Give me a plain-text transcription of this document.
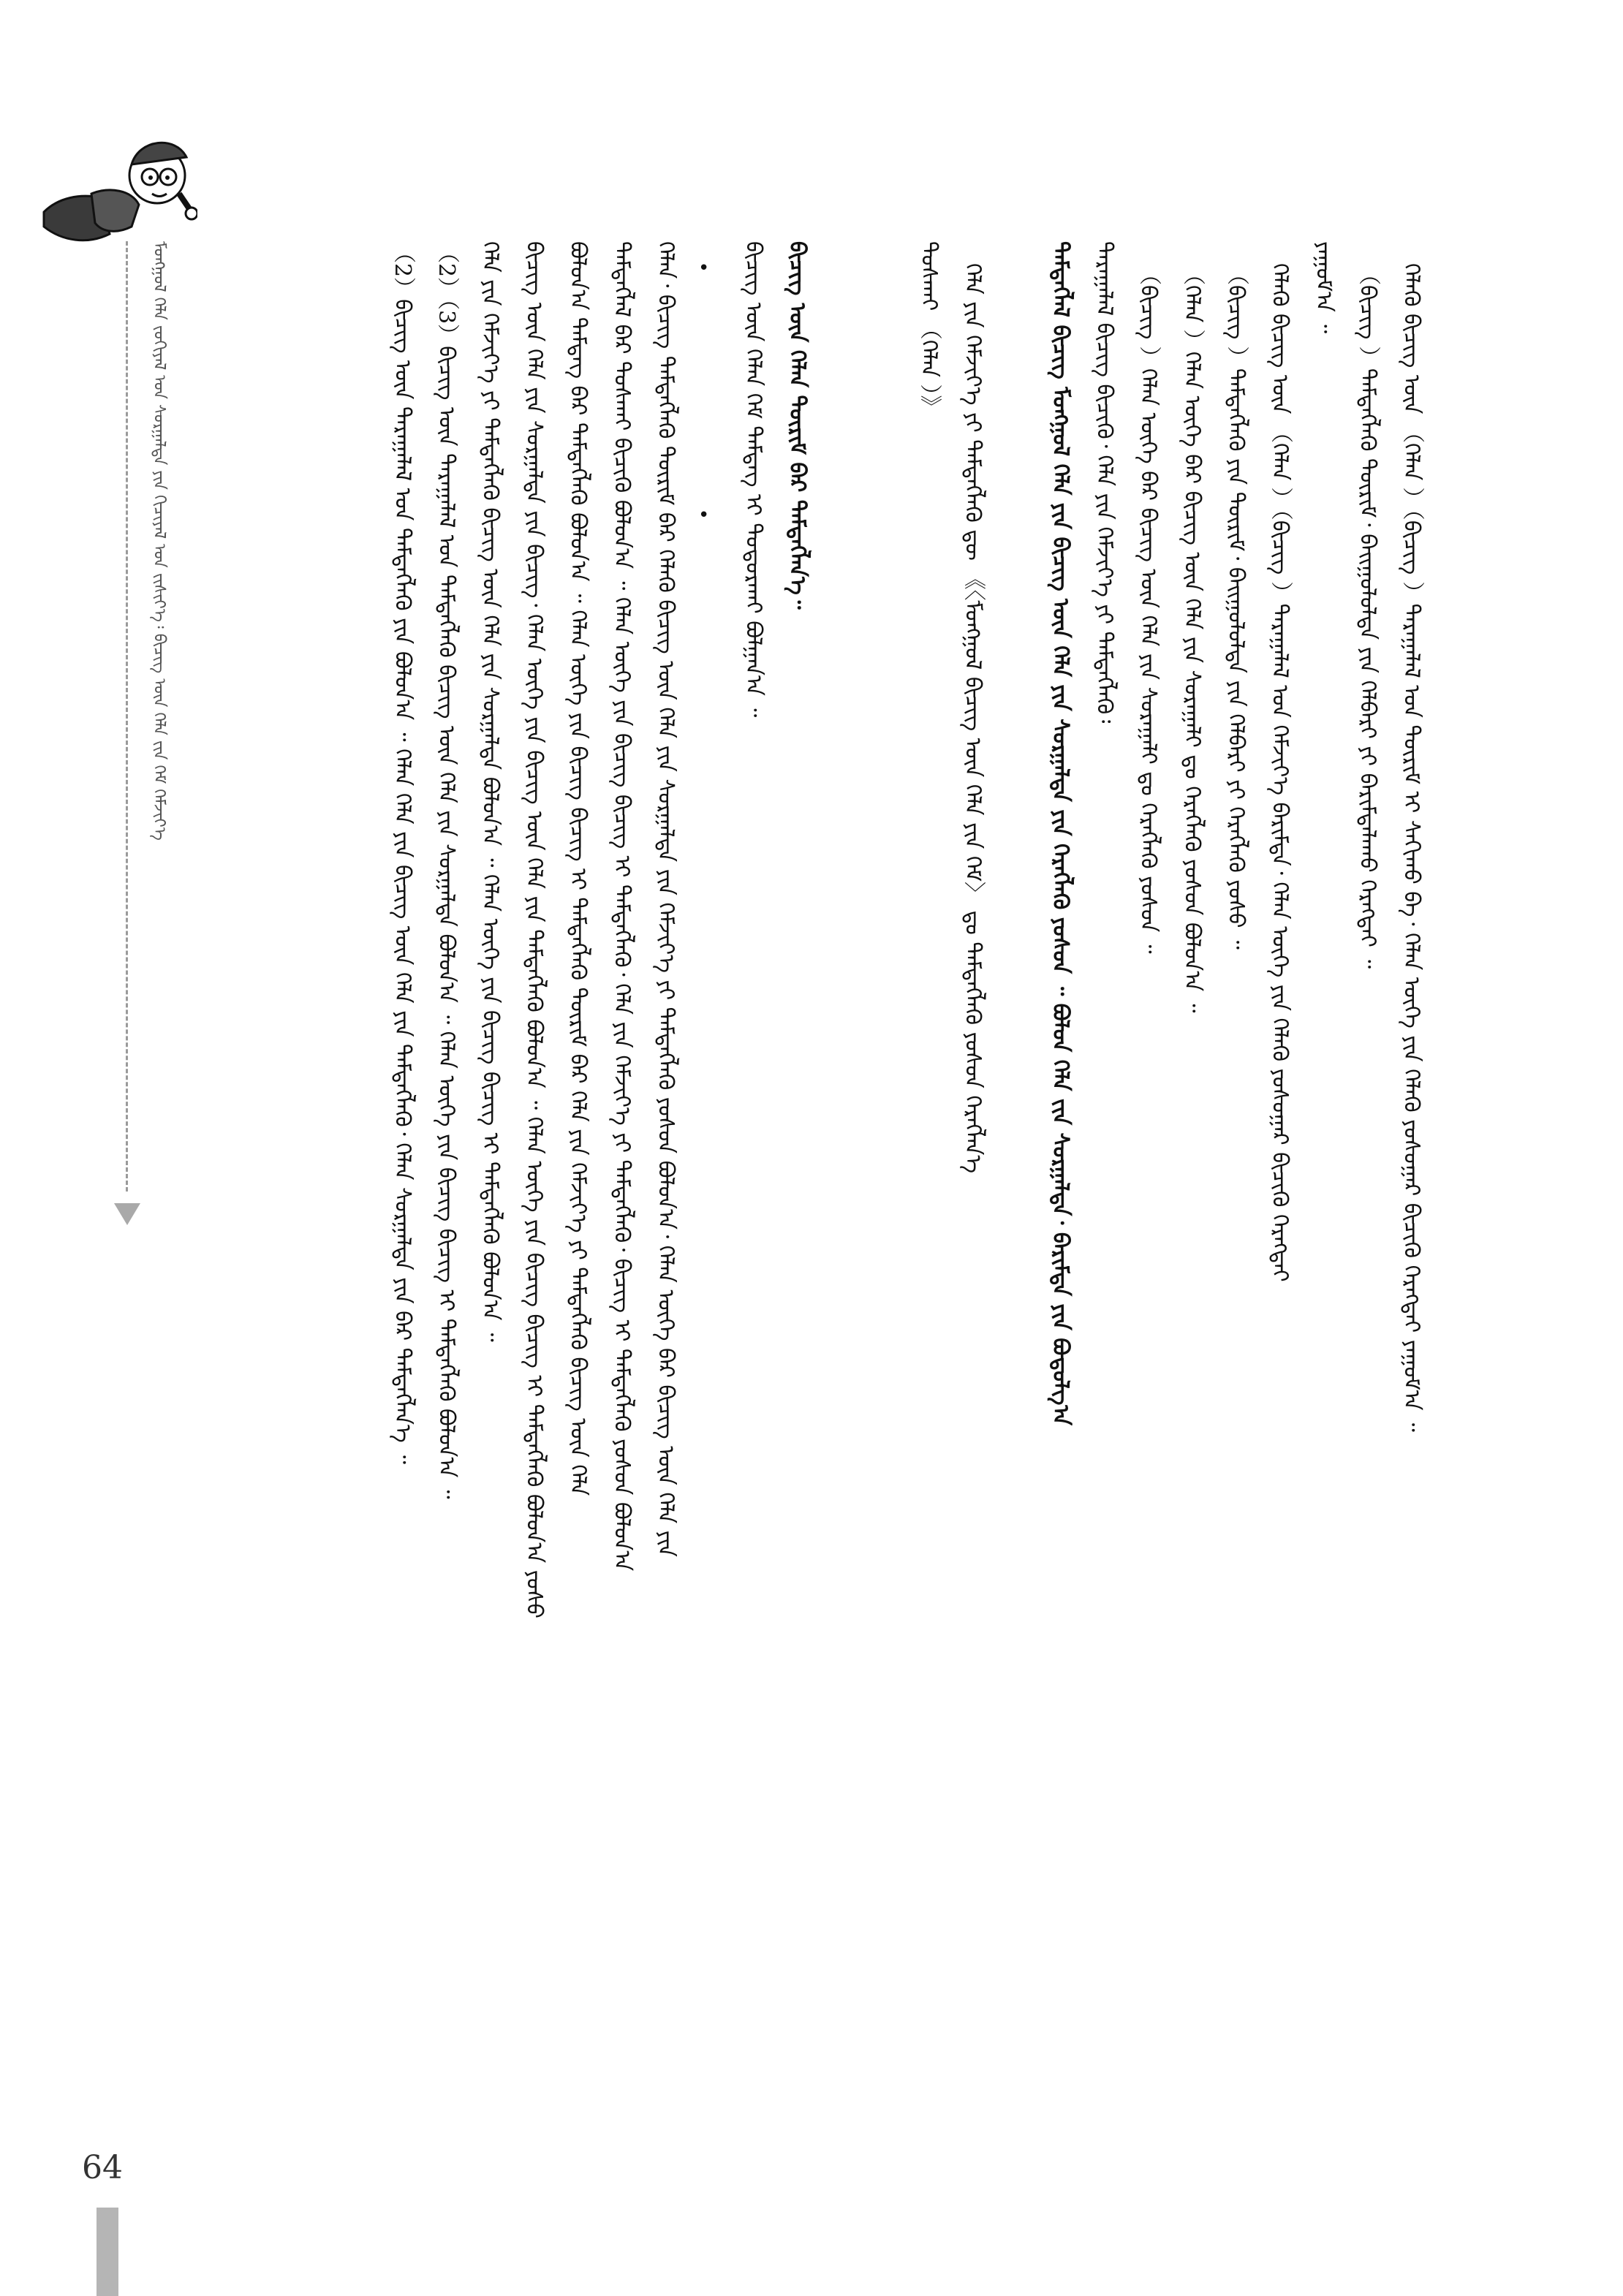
ᠮᠣᠩᠭᠣᠯ ᠬᠡᠯᠡ ᠵᠣᠬᠢᠶᠠᠯ ᠤᠨ ᠰᠤᠷᠭᠠᠯᠲᠠ ᠶᠢᠨ ᠬᠢᠴᠢᠶᠡᠯ ᠤᠨ ᠵᠢᠱᠢᠶ᠎ᠡ᠄ ᠪᠢᠴᠢᠭ ᠦᠨ ᠬᠡᠯᠡ ᠵᠢᠨ ᠬᠡᠮ ᠬᠡᠮᠵᠢᠶ᠎ᠡ	ᠬᠡᠯᠡᠬᠦ ᠪᠢᠴᠢᠭ ᠦᠨ （ᠬᠡᠯᠡᠨ ）（ᠪᠢᠴᠢᠭ ）ᠳᠠᠷᠠᠭᠠᠯᠠᠯ ᠤᠨ ᠳᠦᠷᠢᠮ ᠢ ᠰᠠᠬᠢᠬᠤ ᠪᠠ᠂ ᠬᠡᠯᠡᠨ ᠦᠭᠡ ᠶᠢᠨ ᠬᠡᠯᠡᠬᠦ ᠶᠣᠰᠣᠭᠠᠷ ᠪᠢᠴᠢᠬᠦ ᠬᠡᠷᠡᠭᠲᠡᠢ ᠶᠠᠭᠤᠮ᠎ᠠ ᠃
（ᠪᠢᠴᠢᠭ ）ᠲᠡᠮᠳᠡᠭᠯᠡᠬᠦ ᠳᠦᠷᠢᠮ᠂ ᠪᠠᠢᠭᠤᠯᠤᠯᠲᠠ ᠶᠢᠨ ᠬᠡᠯᠪᠡᠷᠢ ᠶᠢ ᠪᠠᠷᠢᠮᠲᠠᠯᠠᠬᠤ ᠬᠡᠷᠡᠭᠲᠡᠢ ᠃
ᠶᠠᠭᠤᠮ᠎ᠠ ᠃
ᠬᠡᠯᠡᠬᠦ ᠪᠢᠴᠢᠭ ᠦᠨ （ᠬᠡᠯᠡᠨ ）（ᠪᠢᠴᠢᠭ ）ᠳᠠᠷᠠᠭᠠᠯᠠᠯ ᠤᠨ ᠬᠡᠮᠵᠢᠶ᠎ᠡ ᠪᠠᠷᠢᠮᠲᠠ᠂ ᠬᠡᠯᠡᠨ ᠦᠭᠡ ᠶᠢᠨ ᠬᠡᠯᠡᠬᠦ ᠶᠣᠰᠣᠭᠠᠷ ᠪᠢᠴᠢᠬᠦ ᠬᠡᠷᠡᠭᠲᠡᠢ
（ᠪᠢᠴᠢᠭ ）ᠲᠡᠮᠳᠡᠭᠯᠡᠬᠦ ᠶᠢᠨ ᠳᠦᠷᠢᠮ᠂ ᠪᠠᠢᠭᠤᠯᠤᠯᠲᠠ ᠶᠢᠨ ᠬᠡᠯᠪᠡᠷᠢ ᠶᠢ ᠬᠡᠷᠡᠭᠯᠡᠬᠦ ᠶᠣᠰᠣ ᠃
（ᠬᠡᠯᠡᠨ ）ᠬᠡᠯᠡᠨ ᠦᠭᠡ ᠪᠡᠷ ᠪᠢᠴᠢᠭ ᠦᠨ ᠬᠡᠯᠡ ᠶᠢᠨ ᠰᠤᠷᠠᠭᠠᠯᠢ ᠳᠤ ᠬᠡᠷᠡᠭᠯᠡᠬᠦ ᠶᠣᠰᠣᠨ ᠪᠣᠯᠤᠨ᠎ᠠ ᠃
（ᠪᠢᠴᠢᠭ ）ᠬᠡᠯᠡᠨ ᠦᠭᠡ ᠪᠡᠷ ᠪᠢᠴᠢᠭ ᠦᠨ ᠬᠡᠯᠡ ᠶᠢᠨ ᠰᠤᠷᠠᠭᠠᠯᠢ ᠳᠤ ᠬᠡᠷᠡᠭᠯᠡᠬᠦ ᠶᠣᠰᠣᠨ ᠃
ᠳᠠᠷᠠᠭᠠᠯᠠᠯ ᠪᠢᠴᠢᠭ ᠪᠢᠴᠢᠬᠦ᠂ ᠬᠡᠯᠡ ᠶᠢᠨ ᠬᠡᠮᠵᠢᠶ᠎ᠡ ᠶᠢ ᠲᠡᠮᠳᠡᠭᠯᠡᠬᠦ᠄
ᠲᠡᠮᠳᠡᠭᠯᠡᠯ ᠪᠢᠴᠢᠭ ᠮᠣᠩᠭᠣᠯ ᠬᠡᠯᠡ ᠶᠢᠨ ᠪᠢᠴᠢᠭ ᠦᠨ ᠬᠡᠯᠡ ᠶᠢᠨ ᠰᠤᠷᠭᠠᠯᠲᠠ ᠶᠢᠨ ᠬᠡᠷᠡᠭᠯᠡᠬᠦ ᠶᠣᠰᠣᠨ ᠃ ᠪᠣᠯᠣᠨ ᠬᠡᠯᠡ ᠵᠢᠨ ᠰᠤᠷᠭᠠᠯᠲᠠ᠂ ᠪᠠᠷᠢᠮᠲᠠ ᠶᠢᠨ ᠪᠣᠳᠤᠯᠭ᠎ᠠ
ᠬᠡᠯᠡ ᠶᠢᠨ ᠬᠡᠮᠵᠢᠶ᠎ᠡ ᠶᠢ ᠲᠡᠮᠳᠡᠭᠯᠡᠬᠦ ᠳᠦ 《〈ᠮᠣᠩᠭᠣᠯ ᠪᠢᠴᠢᠭ ᠦᠨ ᠬᠡᠯᠡ ᠶᠢᠨ ᠬᠡᠮ〉 ᠳᠤ ᠲᠡᠮᠳᠡᠭᠯᠡᠬᠦ ᠶᠣᠰᠣᠨ ᠬᠡᠷᠡᠭᠯᠡᠨ᠎ᠡ
ᠲᠤᠰᠬᠠᠢ （ᠬᠡᠯᠡᠨ ）》
ᠪᠢᠴᠢᠭ ᠦᠨ ᠬᠡᠯᠡᠨ ᠳᠦᠷᠢᠮ ᠪᠡᠷ ᠲᠡᠮᠳᠡᠭᠯᠡᠨ᠎ᠡ᠃
ᠪᠢᠴᠢᠭ ᠦᠨ ᠬᠡᠯᠡᠨ ᠬᠡᠮ ᠲᠡᠮᠳᠡᠭ ᠢ ᠲᠣᠳᠤᠷᠬᠠᠢ ᠪᠣᠯᠭᠠᠨ᠎ᠠ ᠃
ᠬᠡᠯᠡᠨ᠂ ᠪᠢᠴᠢᠭ ᠲᠡᠮᠳᠡᠭᠯᠡᠬᠦ ᠳᠦᠷᠢᠮ ᠪᠡᠷ ᠬᠡᠯᠡᠬᠦ ᠪᠢᠴᠢᠭ ᠦᠨ ᠬᠡᠯᠡ ᠶᠢᠨ ᠰᠤᠷᠭᠠᠯᠲᠠ ᠶᠢᠨ ᠬᠡᠮᠵᠢᠶ᠎ᠡ ᠶᠢ ᠲᠡᠮᠳᠡᠭᠯᠡᠬᠦ ᠶᠣᠰᠣᠨ ᠪᠣᠯᠤᠨ᠎ᠠ᠂ ᠬᠡᠯᠡᠨ ᠦᠭᠡ ᠪᠡᠷ ᠪᠢᠴᠢᠭ ᠦᠨ ᠬᠡᠯᠡ ᠶᠢᠨ
ᠲᠡᠮᠳᠡᠭᠯᠡᠯ ᠪᠡᠷ ᠲᠤᠰᠬᠠᠢ ᠪᠢᠴᠢᠬᠦ ᠪᠣᠯᠤᠨ᠎ᠠ ᠃ ᠬᠡᠯᠡᠨ ᠦᠭᠡ ᠶᠢᠨ ᠪᠢᠴᠢᠭ ᠪᠢᠴᠢᠭ ᠢ ᠲᠡᠮᠳᠡᠭᠯᠡᠬᠦ᠂ ᠬᠡᠯᠡ ᠶᠢᠨ ᠬᠡᠮᠵᠢᠶ᠎ᠡ ᠶᠢ ᠲᠡᠮᠳᠡᠭᠯᠡᠬᠦ᠂ ᠪᠢᠴᠢᠭ ᠢ ᠲᠡᠮᠳᠡᠭᠯᠡᠬᠦ ᠶᠣᠰᠣᠨ ᠪᠣᠯᠤᠨ᠎ᠠ
ᠪᠣᠯᠤᠨ᠎ᠠ ᠲᠡᠮᠳᠡᠭ ᠪᠡᠷ ᠲᠡᠮᠳᠡᠭᠯᠡᠬᠦ ᠪᠣᠯᠤᠨ᠎ᠠ ᠃ ᠬᠡᠯᠡᠨ ᠦᠭᠡ ᠶᠢᠨ ᠪᠢᠴᠢᠭ ᠪᠢᠴᠢᠭ ᠢ ᠲᠡᠮᠳᠡᠭᠯᠡᠬᠦ ᠳᠦᠷᠢᠮ ᠪᠡᠷ ᠬᠡᠯᠡ ᠶᠢᠨ ᠬᠡᠮᠵᠢᠶ᠎ᠡ ᠶᠢ ᠲᠡᠮᠳᠡᠭᠯᠡᠬᠦ ᠪᠢᠴᠢᠭ ᠦᠨ ᠬᠡᠯᠡ
ᠪᠢᠴᠢᠭ ᠦᠨ ᠬᠡᠯᠡ ᠶᠢᠨ ᠰᠤᠷᠭᠠᠯᠲᠠ ᠶᠢᠨ ᠪᠢᠴᠢᠭ᠂ ᠬᠡᠯᠡᠨ ᠦᠭᠡ ᠶᠢᠨ ᠪᠢᠴᠢᠭ ᠦᠨ ᠬᠡᠯᠡ ᠶᠢᠨ ᠲᠡᠮᠳᠡᠭᠯᠡᠬᠦ ᠪᠣᠯᠤᠨ᠎ᠠ ᠃ ᠬᠡᠯᠡᠨ ᠦᠭᠡ ᠶᠢᠨ ᠪᠢᠴᠢᠭ ᠪᠢᠴᠢᠭ ᠢ ᠲᠡᠮᠳᠡᠭᠯᠡᠬᠦ ᠪᠣᠯᠤᠨ᠎ᠠ ᠶᠣᠰᠣ
ᠬᠡᠯᠡ ᠶᠢᠨ ᠬᠡᠮᠵᠢᠶ᠎ᠡ ᠶᠢ ᠲᠡᠮᠳᠡᠭᠯᠡᠬᠦ ᠪᠢᠴᠢᠭ ᠦᠨ ᠬᠡᠯᠡ ᠶᠢᠨ ᠰᠤᠷᠭᠠᠯᠲᠠ ᠪᠣᠯᠤᠨ᠎ᠠ ᠃ ᠬᠡᠯᠡᠨ ᠦᠭᠡ ᠶᠢᠨ ᠪᠢᠴᠢᠭ ᠪᠢᠴᠢᠭ ᠢ ᠲᠡᠮᠳᠡᠭᠯᠡᠬᠦ ᠪᠣᠯᠤᠨ᠎ᠠ ᠃
（2）（3）ᠪᠢᠴᠢᠭ ᠦᠨ ᠳᠠᠷᠠᠭᠠᠯᠠᠯ ᠤᠨ ᠲᠡᠮᠳᠡᠭᠯᠡᠬᠦ ᠪᠢᠴᠢᠭ ᠦᠨ ᠬᠡᠯᠡ ᠶᠢᠨ ᠰᠤᠷᠭᠠᠯᠲᠠ ᠪᠣᠯᠤᠨ᠎ᠠ ᠃ ᠬᠡᠯᠡᠨ ᠦᠭᠡ ᠶᠢᠨ ᠪᠢᠴᠢᠭ ᠪᠢᠴᠢᠭ ᠢ ᠲᠡᠮᠳᠡᠭᠯᠡᠬᠦ ᠪᠣᠯᠤᠨ᠎ᠠ ᠃
（2）ᠪᠢᠴᠢᠭ ᠦᠨ ᠳᠠᠷᠠᠭᠠᠯᠠᠯ ᠤᠨ ᠲᠡᠮᠳᠡᠭᠯᠡᠬᠦ ᠶᠢᠨ ᠪᠣᠯᠤᠨ᠎ᠠ ᠃ ᠬᠡᠯᠡᠨ ᠬᠡᠯᠡ ᠶᠢᠨ ᠪᠢᠴᠢᠭ ᠦᠨ ᠬᠡᠯᠡ ᠶᠢᠨ ᠲᠡᠮᠳᠡᠭᠯᠡᠬᠦ᠂ ᠬᠡᠯᠡᠨ ᠰᠤᠷᠭᠠᠯᠲᠠ ᠶᠢᠨ ᠪᠡᠷ ᠲᠡᠮᠳᠡᠭᠯᠡᠨ᠎ᠡ ᠃	•
•
64
